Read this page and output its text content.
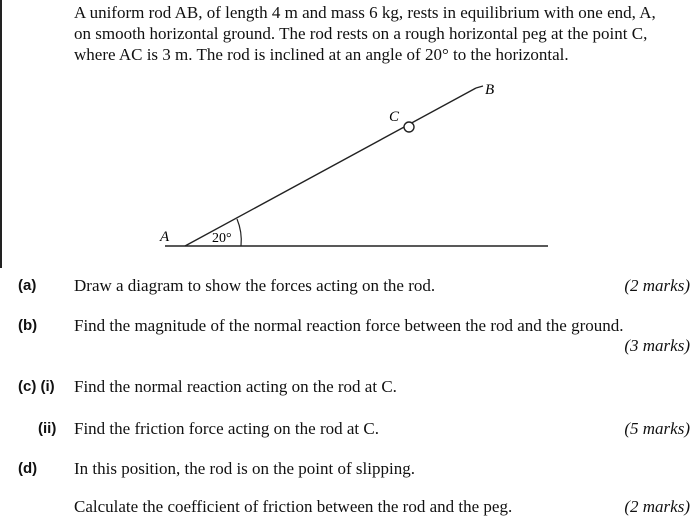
A uniform rod AB, of length 4 m and mass 6 kg, rests in equilibrium with one end, A,
on smooth horizontal ground. The rod rests on a rough horizontal peg at the point C,
where AC is 3 m. The rod is inclined at an angle of 20° to the horizontal.
A
B
C
20°
(a) Draw a diagram to show the forces acting on the rod.	(2 marks)
(b) Find the magnitude of the normal reaction force between the rod and the ground.
(3 marks)
(c) (i) Find the normal reaction acting on the rod at C.
(ii) Find the friction force acting on the rod at C.	(5 marks)
(d) In this position, the rod is on the point of slipping.
Calculate the coefficient of friction between the rod and the peg.	(2 marks)
